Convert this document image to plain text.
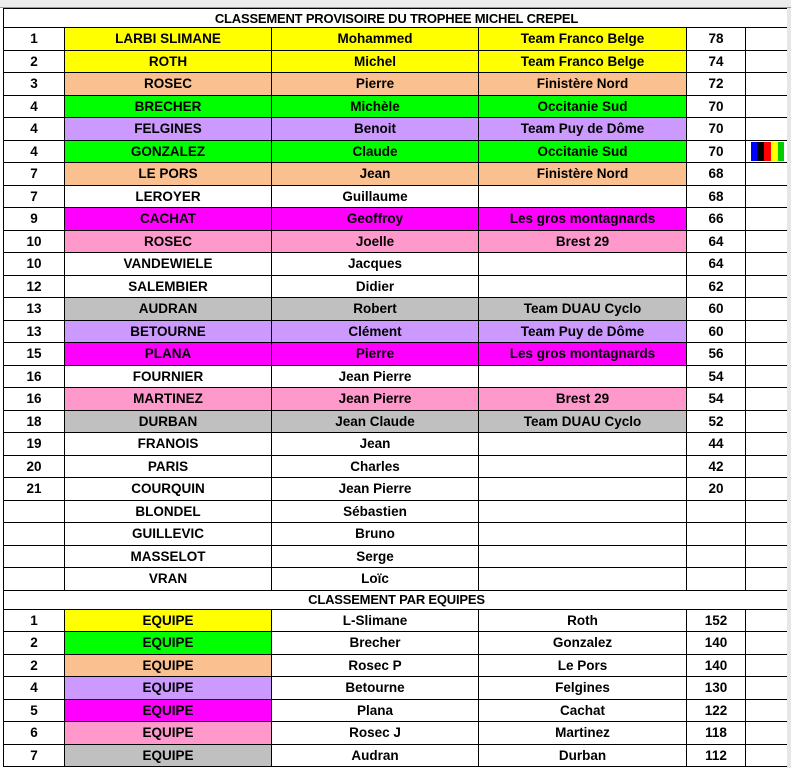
CLASSEMENT PROVISOIRE DU TROPHEE MICHEL CREPEL					
1	LARBI SLIMANE	Mohammed	Team Franco Belge	78	
2	ROTH	Michel	Team Franco Belge	74	
3	ROSEC	Pierre	Finistère Nord	72	
4	BRECHER	Michèle	Occitanie Sud	70	
4	FELGINES	Benoit	Team Puy de Dôme	70	
4	GONZALEZ	Claude	Occitanie Sud	70	

7	LE PORS	Jean	Finistère Nord	68	
7	LEROYER	Guillaume		68	
9	CACHAT	Geoffroy	Les gros montagnards	66	
10	ROSEC	Joelle	Brest 29	64	
10	VANDEWIELE	Jacques		64	
12	SALEMBIER	Didier		62	
13	AUDRAN	Robert	Team DUAU Cyclo	60	
13	BETOURNE	Clément	Team Puy de Dôme	60	
15	PLANA	Pierre	Les gros montagnards	56	
16	FOURNIER	Jean Pierre		54	
16	MARTINEZ	Jean Pierre	Brest 29	54	
18	DURBAN	Jean Claude	Team DUAU Cyclo	52	
19	FRANOIS	Jean		44	
20	PARIS	Charles		42	
21	COURQUIN	Jean Pierre		20	
	BLONDEL	Sébastien			
	GUILLEVIC	Bruno			
	MASSELOT	Serge			
	VRAN	Loïc			
CLASSEMENT PAR EQUIPES					
1	EQUIPE	L-Slimane	Roth	152	
2	EQUIPE	Brecher	Gonzalez	140	
2	EQUIPE	Rosec P	Le Pors	140	
4	EQUIPE	Betourne	Felgines	130	
5	EQUIPE	Plana	Cachat	122	
6	EQUIPE	Rosec J	Martinez	118	
7	EQUIPE	Audran	Durban	112	
